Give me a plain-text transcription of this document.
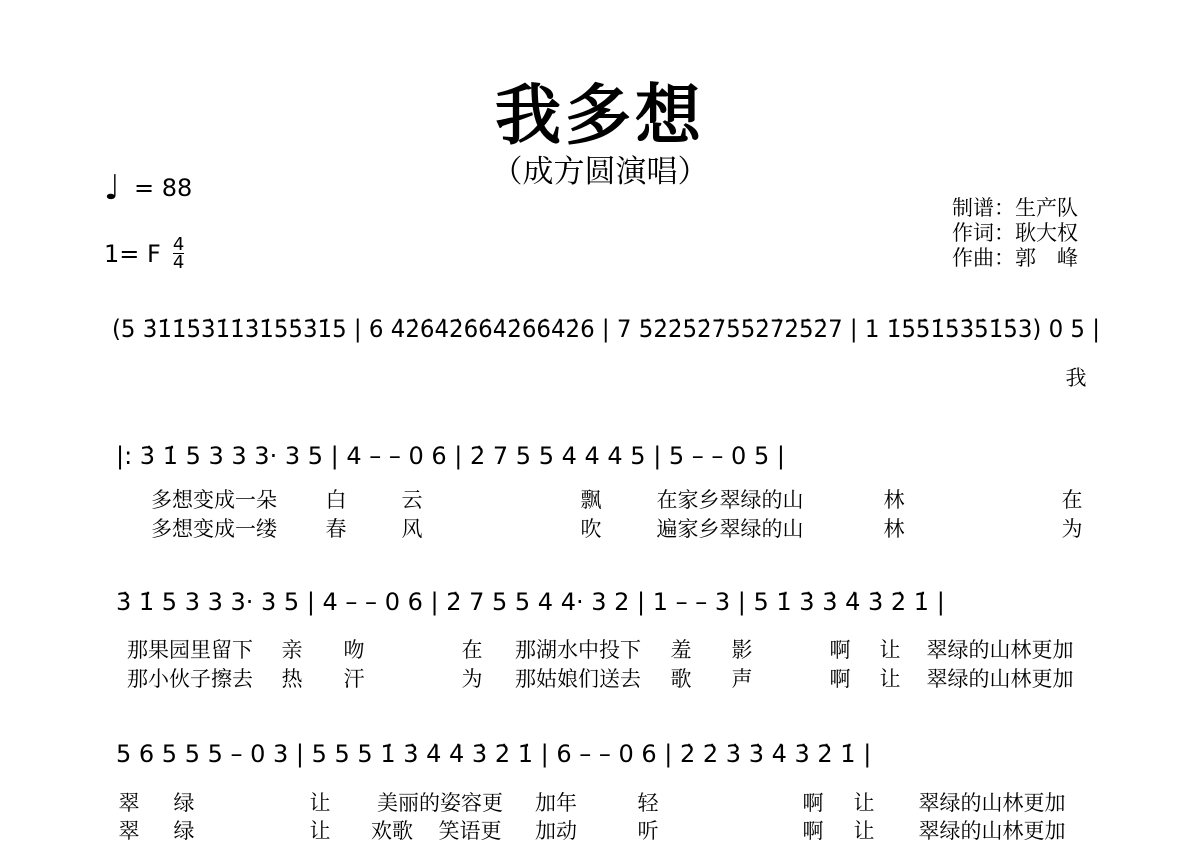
我多想
（成方圆演唱）
♩ = 88
1= F $\frac{4}{4}$
制谱：生产队
作词：耿大权
作曲：郭　峰
(5 3̇1̇1̇5̇3̇1̇1̇3̇1̇5̇5̇3̇1̇5 | 6 4̇2̇6̇4̇2̇6̇6̇4̇2̇6̇6̇4̇2̇6 | 7 5̇2̇2̇5̇2̇7̇5̇5̇2̇7̇2̇5̇2̇7 | 1 1̇5̇5̇1̇5̇3̇5̇1̇5̇3) 0 5 |
我
|: 3̇ 1̇ 5 3 3 3· 3 5 | 4 – – 0 6 | 2̇ 7 5 5 4 4 4 5 | 5 – – 0 5 |
多想变成一朵 白	云	飘	在家乡翠绿的山	林	在
多想变成一缕 春	风	吹	遍家乡翠绿的山	林	为
3̇ 1̇ 5 3 3 3· 3 5 | 4 – – 0 6 | 2̇ 7 5 5 4 4· 3 2 | 1 – – 3 | 5 1̇ 3̇ 3̇ 4̇ 3̇ 2̇ 1̇ |
那果园里留下 亲 吻	在 那湖水中投下 羞 影	啊 让 翠绿的山林更加
那小伙子擦去 热 汗	为 那姑娘们送去 歌 声	啊 让 翠绿的山林更加
5 6 5 5 5 – 0 3 | 5 5 5 1̇ 3̇ 4̇ 4̇ 3̇ 2̇ 1̇ | 6 – – 0 6 | 2̇ 2̇ 3̇ 3̇ 4̇ 3̇ 2̇ 1̇ |
翠 绿	让 美丽的姿容更 加年	轻	啊 让 翠绿的山林更加
翠 绿	让 欢歌 笑语更 加动	听	啊 让 翠绿的山林更加
